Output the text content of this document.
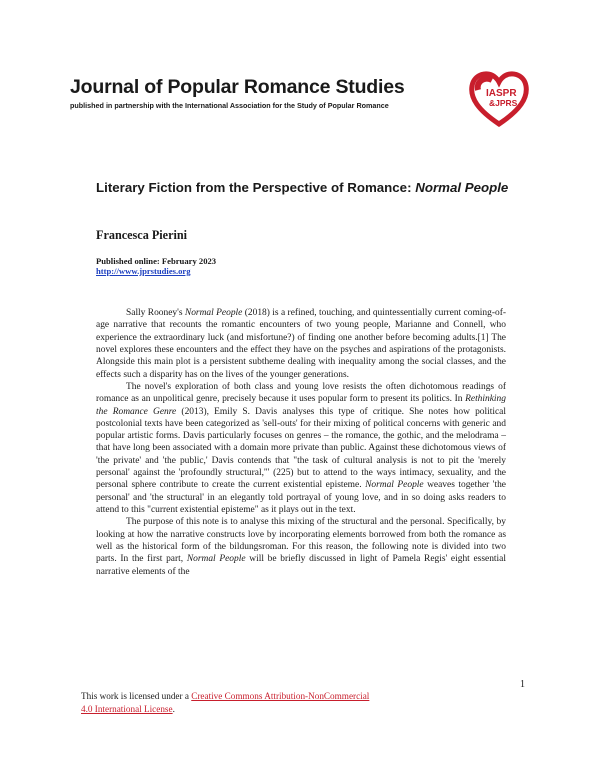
Journal of Popular Romance Studies
published in partnership with the International Association for the Study of Popular Romance
IASPR
&JPRS
Literary Fiction from the Perspective of Romance: Normal People
Francesca Pierini
Published online: February 2023
http://www.jprstudies.org

Sally Rooney's Normal People (2018) is a refined, touching, and quintessentially current coming-of-age narrative that recounts the romantic encounters of two young people, Marianne and Connell, who experience the extraordinary luck (and misfortune?) of finding one another before becoming adults.[1] The novel explores these encounters and the effect they have on the psyches and aspirations of the protagonists. Alongside this main plot is a persistent subtheme dealing with inequality among the social classes, and the effects such a disparity has on the lives of the younger generations.

The novel's exploration of both class and young love resists the often dichotomous readings of romance as an unpolitical genre, precisely because it uses popular form to present its politics. In Rethinking the Romance Genre (2013), Emily S. Davis analyses this type of critique. She notes how political postcolonial texts have been categorized as 'sell-outs' for their mixing of political concerns with generic and popular artistic forms. Davis particularly focuses on genres – the romance, the gothic, and the melodrama – that have long been associated with a domain more private than public. Against these dichotomous views of 'the private' and 'the public,' Davis contends that "the task of cultural analysis is not to pit the 'merely personal' against the 'profoundly structural,'" (225) but to attend to the ways intimacy, sexuality, and the personal sphere contribute to create the current existential episteme. Normal People weaves together 'the personal' and 'the structural' in an elegantly told portrayal of young love, and in so doing asks readers to attend to this "current existential episteme" as it plays out in the text.

The purpose of this note is to analyse this mixing of the structural and the personal. Specifically, by looking at how the narrative constructs love by incorporating elements borrowed from both the romance as well as the historical form of the bildungsroman. For this reason, the following note is divided into two parts. In the first part, Normal People will be briefly discussed in light of Pamela Regis' eight essential narrative elements of the

1
This work is licensed under a Creative Commons Attribution-NonCommercial 4.0 International License.
